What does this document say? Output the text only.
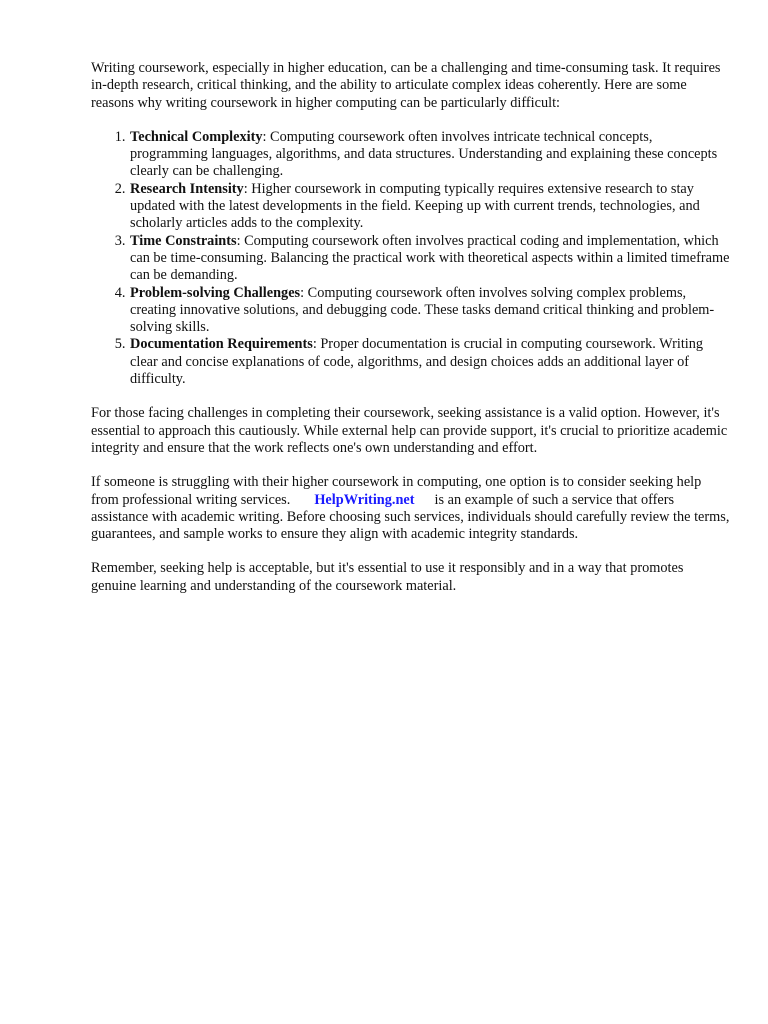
Writing coursework, especially in higher education, can be a challenging and time-consuming task. It requires in-depth research, critical thinking, and the ability to articulate complex ideas coherently. Here are some reasons why writing coursework in higher computing can be particularly difficult:

1. Technical Complexity: Computing coursework often involves intricate technical concepts, programming languages, algorithms, and data structures. Understanding and explaining these concepts clearly can be challenging.
2. Research Intensity: Higher coursework in computing typically requires extensive research to stay updated with the latest developments in the field. Keeping up with current trends, technologies, and scholarly articles adds to the complexity.
3. Time Constraints: Computing coursework often involves practical coding and implementation, which can be time-consuming. Balancing the practical work with theoretical aspects within a limited timeframe can be demanding.
4. Problem-solving Challenges: Computing coursework often involves solving complex problems, creating innovative solutions, and debugging code. These tasks demand critical thinking and problem-solving skills.
5. Documentation Requirements: Proper documentation is crucial in computing coursework. Writing clear and concise explanations of code, algorithms, and design choices adds an additional layer of difficulty.

For those facing challenges in completing their coursework, seeking assistance is a valid option. However, it's essential to approach this cautiously. While external help can provide support, it's crucial to prioritize academic integrity and ensure that the work reflects one's own understanding and effort.

If someone is struggling with their higher coursework in computing, one option is to consider seeking help from professional writing services. HelpWriting.net is an example of such a service that offers assistance with academic writing. Before choosing such services, individuals should carefully review the terms, guarantees, and sample works to ensure they align with academic integrity standards.

Remember, seeking help is acceptable, but it's essential to use it responsibly and in a way that promotes genuine learning and understanding of the coursework material.
